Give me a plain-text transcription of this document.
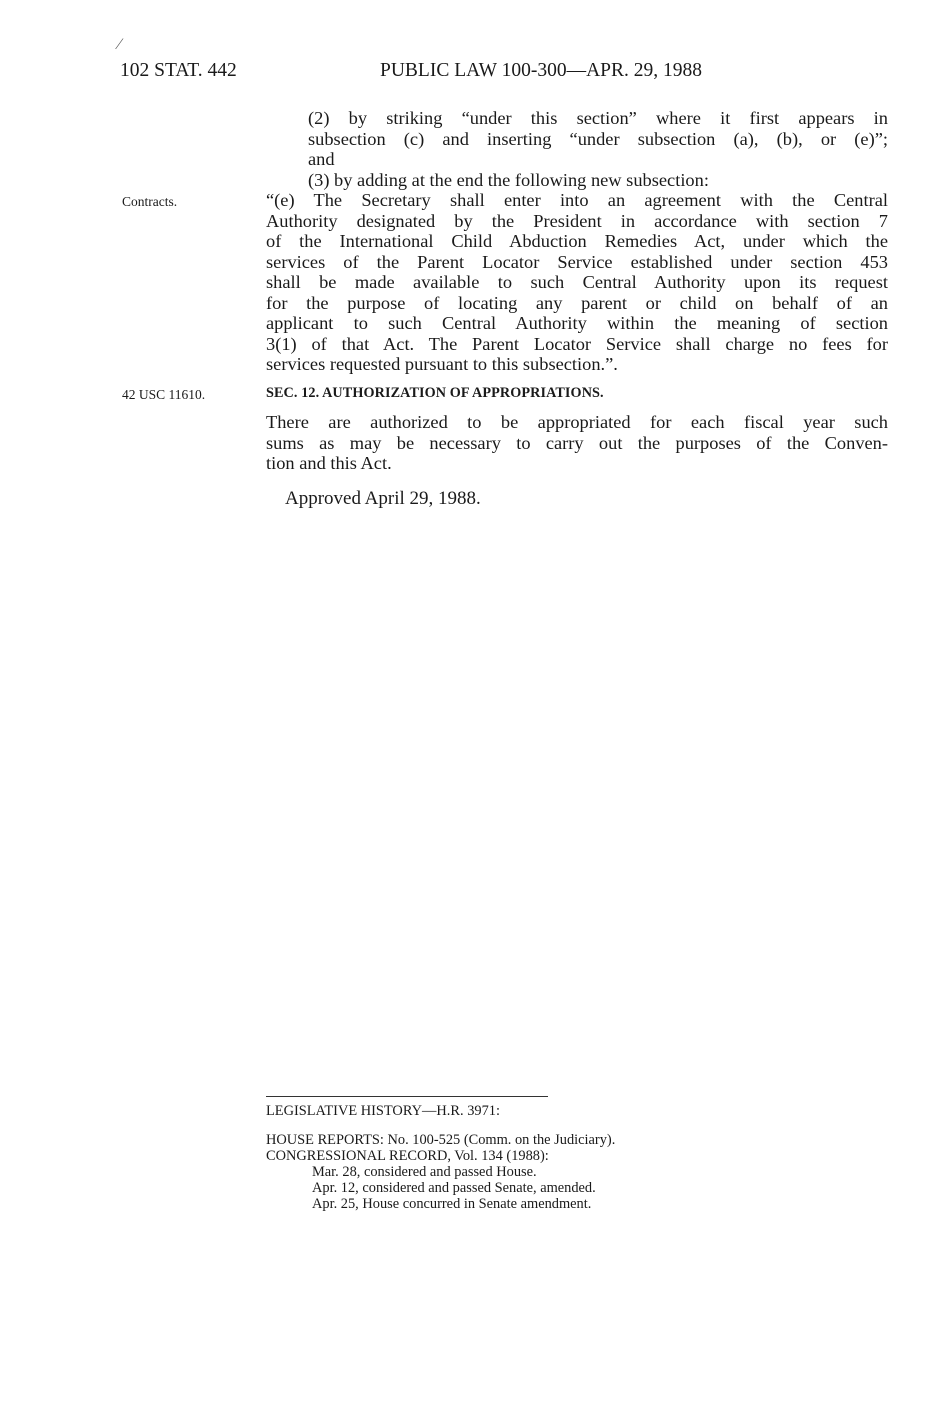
⁄
102 STAT. 442	PUBLIC LAW 100-300—APR. 29, 1988
(2) by striking “under this section” where it first appears in
subsection (c) and inserting “under subsection (a), (b), or (e)”;
and
(3) by adding at the end the following new subsection:
Contracts.	“(e) The Secretary shall enter into an agreement with the Central
Authority designated by the President in accordance with section 7
of the International Child Abduction Remedies Act, under which the
services of the Parent Locator Service established under section 453
shall be made available to such Central Authority upon its request
for the purpose of locating any parent or child on behalf of an
applicant to such Central Authority within the meaning of section
3(1) of that Act. The Parent Locator Service shall charge no fees for
services requested pursuant to this subsection.”.
42 USC 11610.	SEC. 12. AUTHORIZATION OF APPROPRIATIONS.
There are authorized to be appropriated for each fiscal year such
sums as may be necessary to carry out the purposes of the Conven-
tion and this Act.
Approved April 29, 1988.
LEGISLATIVE HISTORY—H.R. 3971:
HOUSE REPORTS: No. 100-525 (Comm. on the Judiciary).
CONGRESSIONAL RECORD, Vol. 134 (1988):
Mar. 28, considered and passed House.
Apr. 12, considered and passed Senate, amended.
Apr. 25, House concurred in Senate amendment.
